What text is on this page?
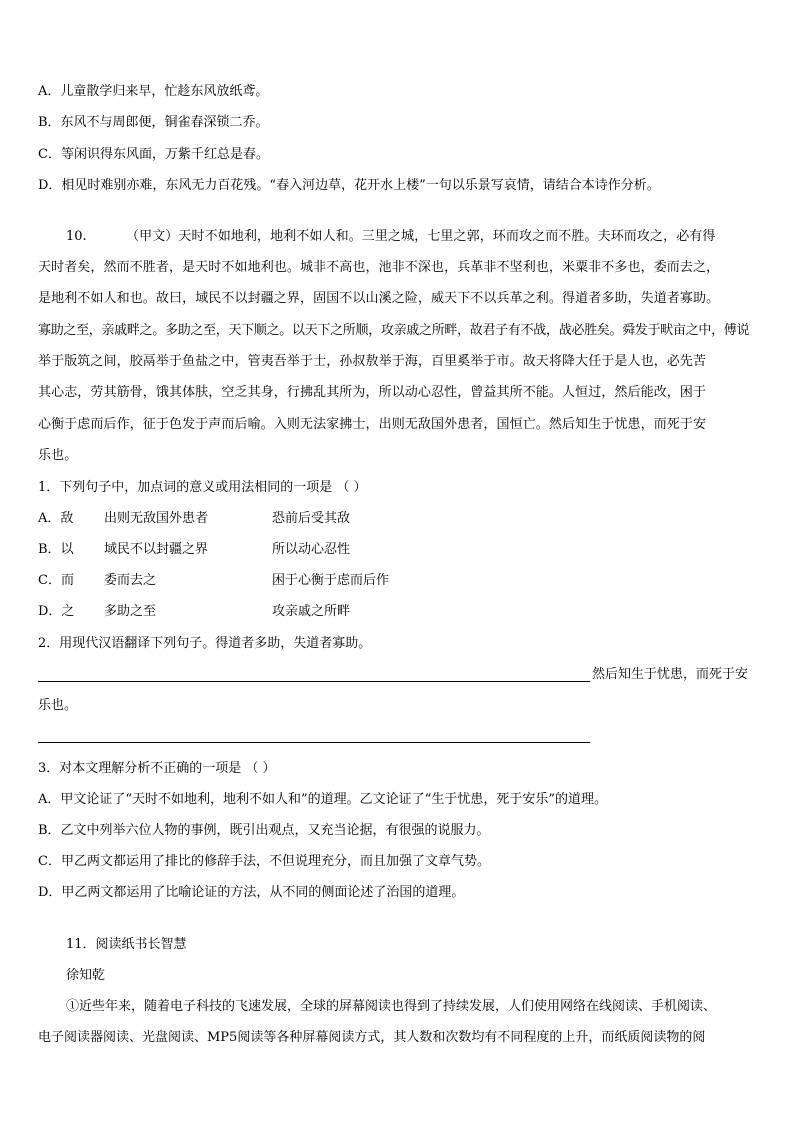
A．儿童散学归来早，忙趁东风放纸鸢。
B．东风不与周郎便，铜雀春深锁二乔。
C．等闲识得东风面，万紫千红总是春。
D．相见时难别亦难，东风无力百花残。“春入河边草，花开水上楼”一句以乐景写哀情，请结合本诗作分析。
10.	（甲文）天时不如地利，地利不如人和。三里之城，七里之郭，环而攻之而不胜。夫环而攻之，必有得
天时者矣，然而不胜者，是天时不如地利也。城非不高也，池非不深也，兵革非不坚利也，米粟非不多也，委而去之，
是地利不如人和也。故曰，域民不以封疆之界，固国不以山溪之险，威天下不以兵革之利。得道者多助，失道者寡助。
寡助之至，亲戚畔之。多助之至，天下顺之。以天下之所顺，攻亲戚之所畔，故君子有不战，战必胜矣。舜发于畎亩之中，傅说
举于版筑之间，胶鬲举于鱼盐之中，管夷吾举于士，孙叔敖举于海，百里奚举于市。故天将降大任于是人也，必先苦
其心志，劳其筋骨，饿其体肤，空乏其身，行拂乱其所为，所以动心忍性，曾益其所不能。人恒过，然后能改，困于
心衡于虑而后作，征于色发于声而后喻。入则无法家拂士，出则无敌国外患者，国恒亡。然后知生于忧患，而死于安
乐也。
1．下列句子中，加点词的意义或用法相同的一项是 （ ）
A．敌 出则无敌国外患者	恐前后受其敌
B．以 域民不以封疆之界	所以动心忍性
C．而 委而去之	困于心衡于虑而后作
D．之 多助之至	攻亲戚之所畔
2．用现代汉语翻译下列句子。得道者多助，失道者寡助。
然后知生于忧患，而死于安
乐也。
3．对本文理解分析不正确的一项是 （ ）
A．甲文论证了“天时不如地利，地利不如人和”的道理。乙文论证了“生于忧患，死于安乐”的道理。
B．乙文中列举六位人物的事例，既引出观点，又充当论据，有很强的说服力。
C．甲乙两文都运用了排比的修辞手法，不但说理充分，而且加强了文章气势。
D．甲乙两文都运用了比喻论证的方法，从不同的侧面论述了治国的道理。
11．阅读纸书长智慧
徐知乾
①近些年来，随着电子科技的飞速发展，全球的屏幕阅读也得到了持续发展，人们使用网络在线阅读、手机阅读、
电子阅读器阅读、光盘阅读、MP5阅读等各种屏幕阅读方式，其人数和次数均有不同程度的上升，而纸质阅读物的阅
